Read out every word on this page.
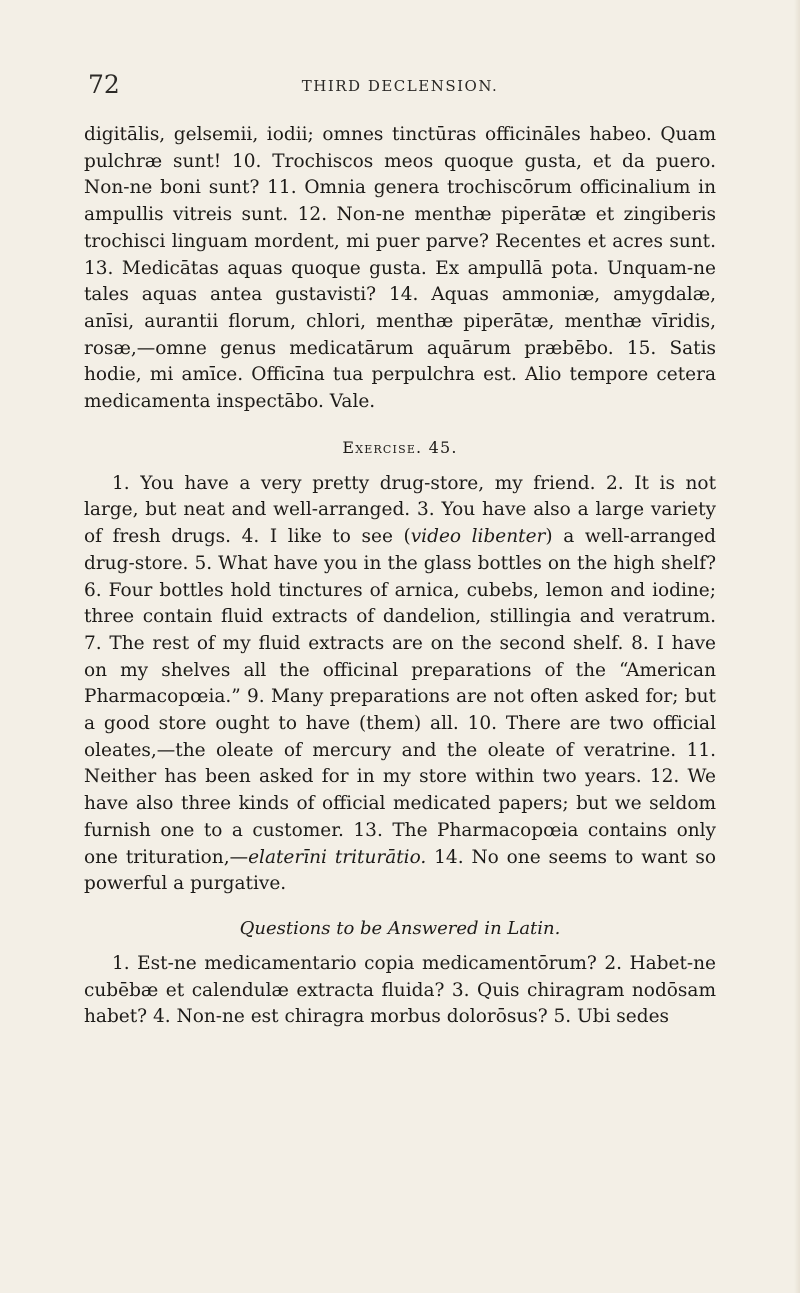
72	THIRD DECLENSION.

digitālis, gelsemii, iodii; omnes tinctūras officināles habeo. Quam pulchræ sunt! 10. Trochiscos meos quoque gusta, et da puero. Non-ne boni sunt? 11. Omnia genera trochiscōrum officinalium in ampullis vitreis sunt. 12. Non-ne menthæ piperātæ et zingiberis trochisci linguam mordent, mi puer parve? Recentes et acres sunt. 13. Medicātas aquas quoque gusta. Ex ampullā pota. Unquam-ne tales aquas antea gustavisti? 14. Aquas ammoniæ, amygdalæ, anīsi, aurantii florum, chlori, menthæ piperātæ, menthæ vīridis, rosæ,—omne genus medicatārum aquārum præbēbo. 15. Satis hodie, mi amīce. Officīna tua perpulchra est. Alio tempore cetera medicamenta inspectābo. Vale.

Exercise. 45.

1. You have a very pretty drug-store, my friend. 2. It is not large, but neat and well-arranged. 3. You have also a large variety of fresh drugs. 4. I like to see (video libenter) a well-arranged drug-store. 5. What have you in the glass bottles on the high shelf? 6. Four bottles hold tinctures of arnica, cubebs, lemon and iodine; three contain fluid extracts of dandelion, stillingia and veratrum. 7. The rest of my fluid extracts are on the second shelf. 8. I have on my shelves all the officinal preparations of the “American Pharmacopœia.” 9. Many preparations are not often asked for; but a good store ought to have (them) all. 10. There are two official oleates,—the oleate of mercury and the oleate of veratrine. 11. Neither has been asked for in my store within two years. 12. We have also three kinds of official medicated papers; but we seldom furnish one to a customer. 13. The Pharmacopœia contains only one trituration,—elaterīni triturātio. 14. No one seems to want so powerful a purgative.

Questions to be Answered in Latin.

1. Est-ne medicamentario copia medicamentōrum? 2. Habet-ne cubēbæ et calendulæ extracta fluida? 3. Quis chiragram nodōsam habet? 4. Non-ne est chiragra morbus dolorōsus? 5. Ubi sedes
